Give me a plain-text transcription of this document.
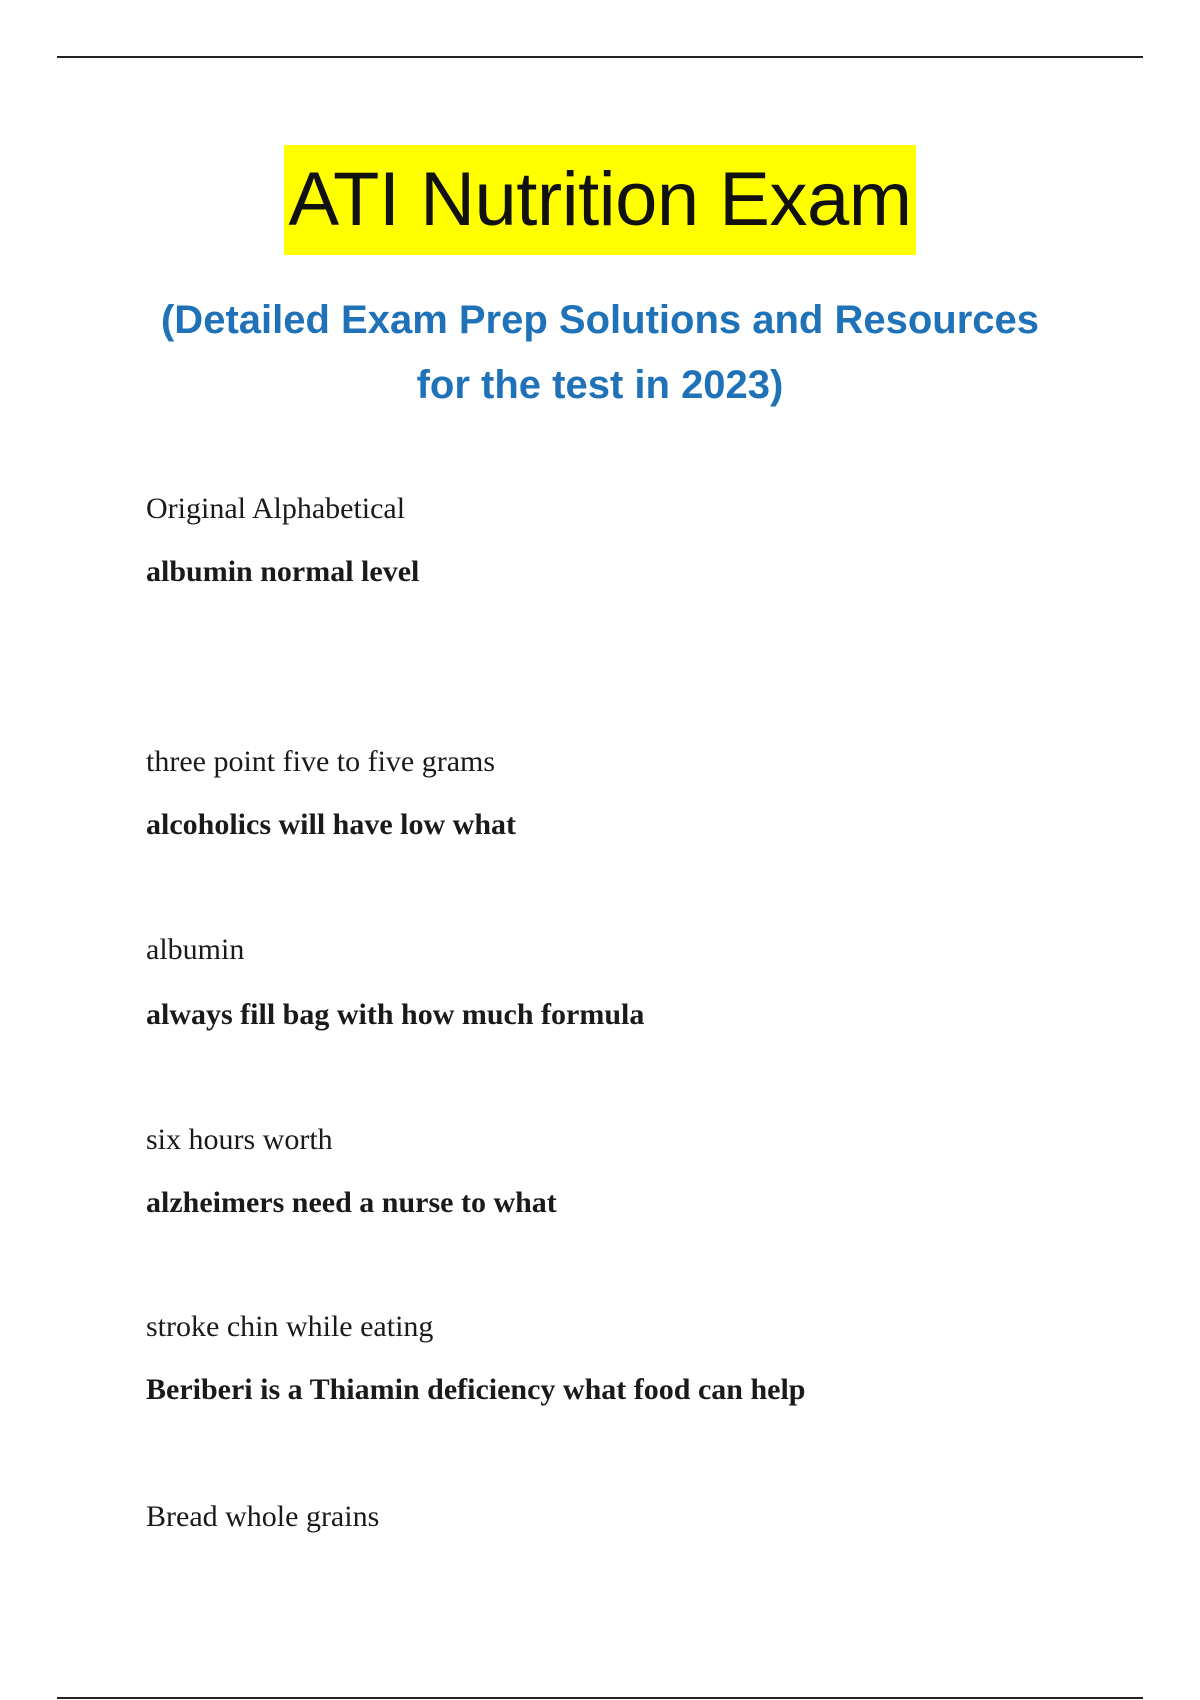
ATI Nutrition Exam
(Detailed Exam Prep Solutions and Resources for the test in 2023)
Original Alphabetical
albumin normal level
three point five to five grams
alcoholics will have low what
albumin
always fill bag with how much formula
six hours worth
alzheimers need a nurse to what
stroke chin while eating
Beriberi is a Thiamin deficiency what food can help
Bread whole grains
